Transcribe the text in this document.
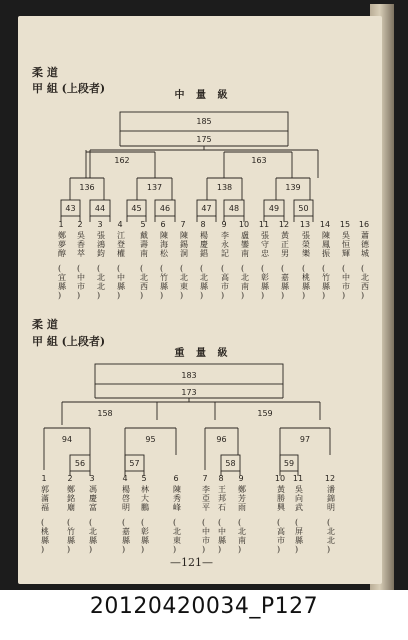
柔 道
甲 組 (上段者)
柔 道
甲 組 (上段者)
中 量 級
185
175
162	163
136	137	138	139
43 44	45 46	47 48	49 50
1
鄭夢醇
(宜縣)
2
吳香萃
(中市)
3
張鴻鈞
(北北)
4
江登權
(中縣)
5
戴壽南
(北西)
6
陳海松
(竹縣)
7
陳錫洞
(北東)
8
楊慶錩
(北縣)
9
李永記
(高市)
10
盧鑾南
(北南)
11
張守忠
(彰縣)
12
黃正男
(嘉縣)
13
張榮樂
(桃縣)
14
陳鳳振
(竹縣)
15
吳恒輝
(中市)
16
蕭德城
(北西)
重 量 級
183
173
158	159
94	95	96	97
56	57	58	59
1
郭滿福
(桃縣)
2
鄭銘廟
(竹縣)
3
馮慶富
(北縣)
4
楊啓明
(嘉縣)
5
林大鵬
(彰縣)
6
陳秀峰
(北東)
7
李亞平
(中市)
8
王邦石
(中縣)
9
鄭芳雨
(北南)
10
黃勝興
(高市)
11
吳向武
(屏縣)
12
潘錦明
(北北)
—121—
20120420034_P127
